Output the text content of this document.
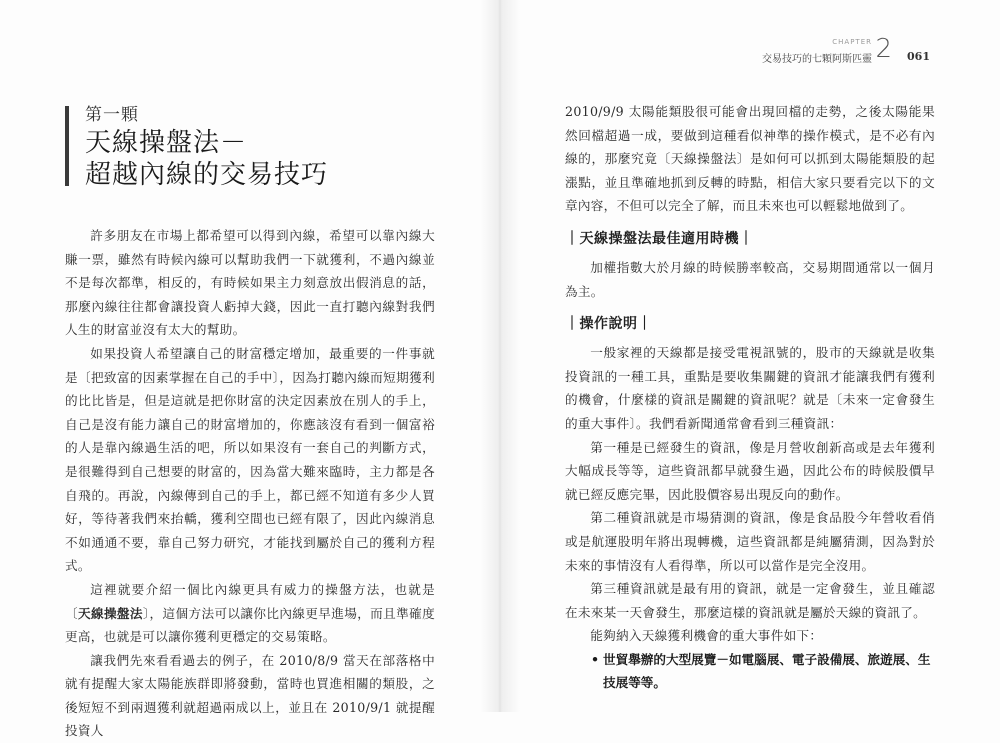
CHAPTER
交易技巧的七顆阿斯匹靈 2 061
第一顆
天線操盤法－
超越內線的交易技巧

許多朋友在市場上都希望可以得到內線，希望可以靠內線大賺一票，雖然有時候內線可以幫助我們一下就獲利，不過內線並不是每次都準，相反的，有時候如果主力刻意放出假消息的話，那麼內線往往都會讓投資人虧掉大錢，因此一直打聽內線對我們人生的財富並沒有太大的幫助。

如果投資人希望讓自己的財富穩定增加，最重要的一件事就是〔把致富的因素掌握在自己的手中〕，因為打聽內線而短期獲利的比比皆是，但是這就是把你財富的決定因素放在別人的手上，自己是沒有能力讓自己的財富增加的，你應該沒有看到一個富裕的人是靠內線過生活的吧，所以如果沒有一套自己的判斷方式，是很難得到自己想要的財富的，因為當大難來臨時，主力都是各自飛的。再說，內線傳到自己的手上，都已經不知道有多少人買好，等待著我們來抬轎，獲利空間也已經有限了，因此內線消息不如通通不要，靠自己努力研究，才能找到屬於自己的獲利方程式。

這裡就要介紹一個比內線更具有威力的操盤方法，也就是〔天線操盤法〕，這個方法可以讓你比內線更早進場，而且準確度更高，也就是可以讓你獲利更穩定的交易策略。

讓我們先來看看過去的例子，在 2010/8/9 當天在部落格中就有提醒大家太陽能族群即將發動，當時也買進相關的類股，之後短短不到兩週獲利就超過兩成以上，並且在 2010/9/1 就提醒投資人

2010/9/9 太陽能類股很可能會出現回檔的走勢，之後太陽能果然回檔超過一成，要做到這種看似神準的操作模式，是不必有內線的，那麼究竟〔天線操盤法〕是如何可以抓到太陽能類股的起漲點，並且準確地抓到反轉的時點，相信大家只要看完以下的文章內容，不但可以完全了解，而且未來也可以輕鬆地做到了。

｜天線操盤法最佳適用時機｜

加權指數大於月線的時候勝率較高，交易期間通常以一個月為主。

｜操作說明｜

一般家裡的天線都是接受電視訊號的，股市的天線就是收集投資訊的一種工具，重點是要收集關鍵的資訊才能讓我們有獲利的機會，什麼樣的資訊是關鍵的資訊呢？就是〔未來一定會發生的重大事件〕。我們看新聞通常會看到三種資訊：

第一種是已經發生的資訊，像是月營收創新高或是去年獲利大幅成長等等，這些資訊都早就發生過，因此公布的時候股價早就已經反應完畢，因此股價容易出現反向的動作。

第二種資訊就是市場猜測的資訊，像是食品股今年營收看俏或是航運股明年將出現轉機，這些資訊都是純屬猜測，因為對於未來的事情沒有人看得準，所以可以當作是完全沒用。

第三種資訊就是最有用的資訊，就是一定會發生，並且確認在未來某一天會發生，那麼這樣的資訊就是屬於天線的資訊了。

能夠納入天線獲利機會的重大事件如下：

• 世貿舉辦的大型展覽－如電腦展、電子設備展、旅遊展、生技展等等。
